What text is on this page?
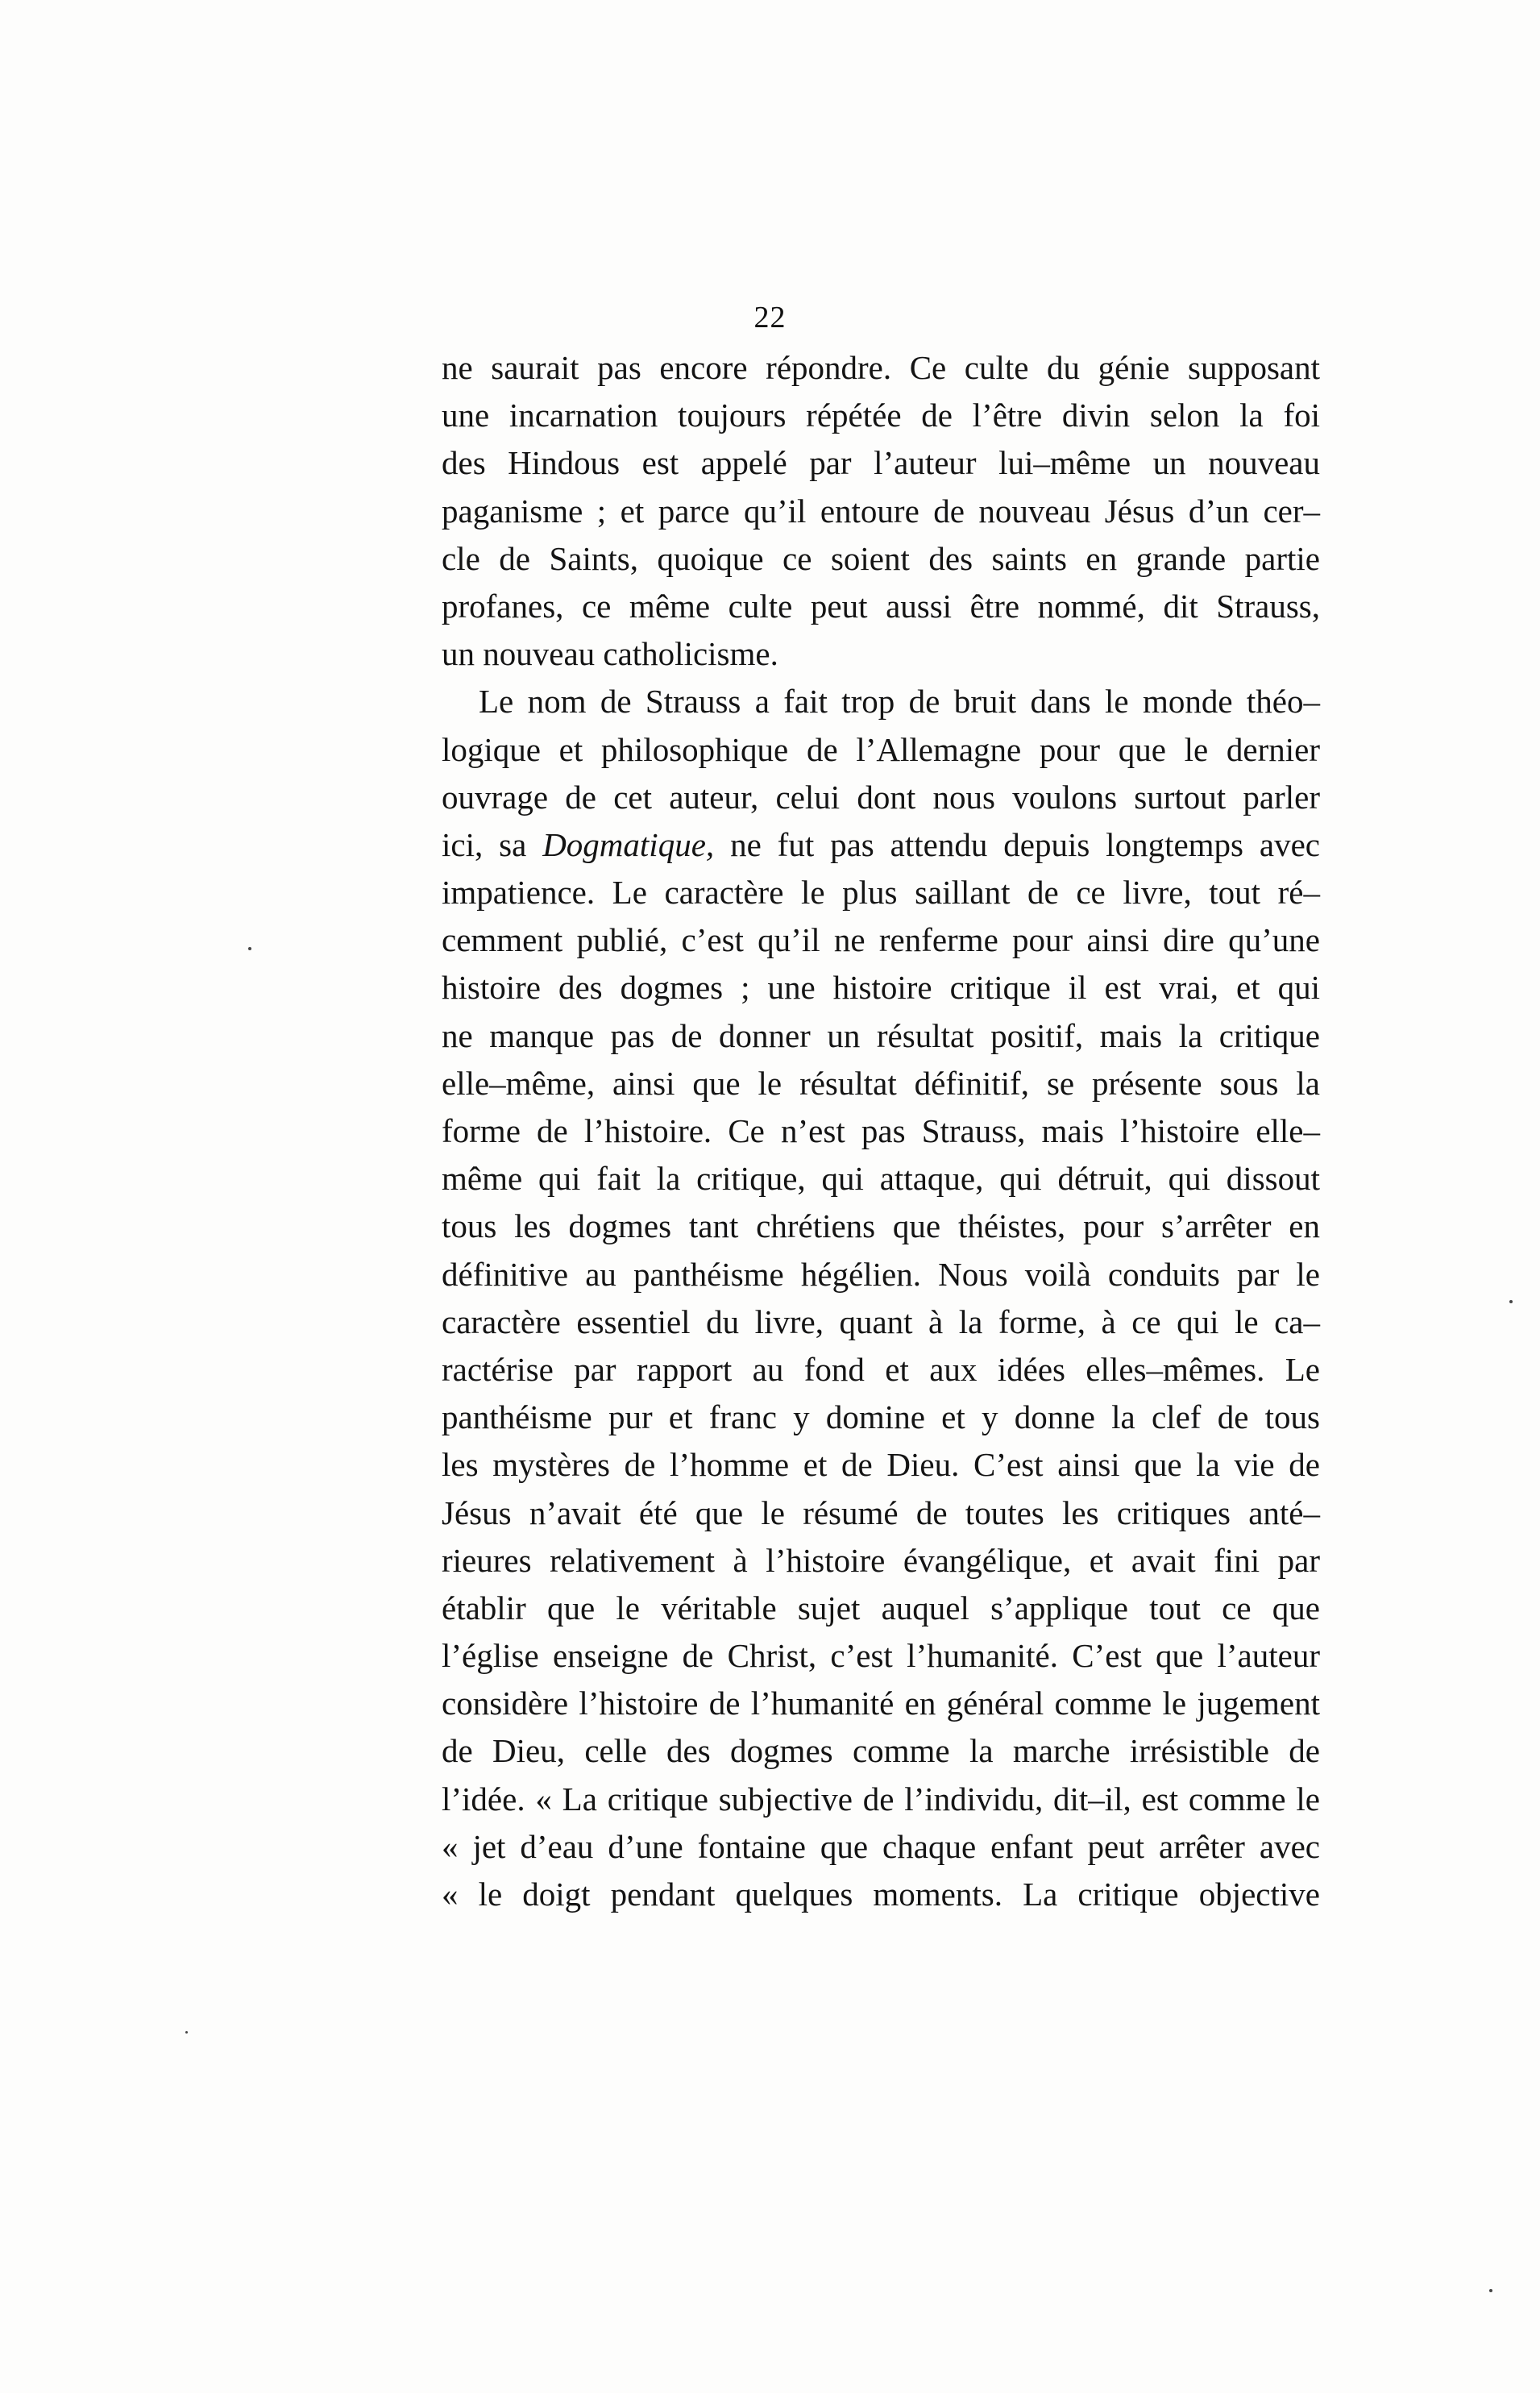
22
ne saurait pas encore répondre. Ce culte du génie supposant
une incarnation toujours répétée de l’être divin selon la foi
des Hindous est appelé par l’auteur lui–même un nouveau
paganisme ; et parce qu’il entoure de nouveau Jésus d’un cer–
cle de Saints, quoique ce soient des saints en grande partie
profanes, ce même culte peut aussi être nommé, dit Strauss,
un nouveau catholicisme.
Le nom de Strauss a fait trop de bruit dans le monde théo–
logique et philosophique de l’Allemagne pour que le dernier
ouvrage de cet auteur, celui dont nous voulons surtout parler
ici, sa Dogmatique, ne fut pas attendu depuis longtemps avec
impatience. Le caractère le plus saillant de ce livre, tout ré–
cemment publié, c’est qu’il ne renferme pour ainsi dire qu’une
histoire des dogmes ; une histoire critique il est vrai, et qui
ne manque pas de donner un résultat positif, mais la critique
elle–même, ainsi que le résultat définitif, se présente sous la
forme de l’histoire. Ce n’est pas Strauss, mais l’histoire elle–
même qui fait la critique, qui attaque, qui détruit, qui dissout
tous les dogmes tant chrétiens que théistes, pour s’arrêter en
définitive au panthéisme hégélien. Nous voilà conduits par le
caractère essentiel du livre, quant à la forme, à ce qui le ca–
ractérise par rapport au fond et aux idées elles–mêmes. Le
panthéisme pur et franc y domine et y donne la clef de tous
les mystères de l’homme et de Dieu. C’est ainsi que la vie de
Jésus n’avait été que le résumé de toutes les critiques anté–
rieures relativement à l’histoire évangélique, et avait fini par
établir que le véritable sujet auquel s’applique tout ce que
l’église enseigne de Christ, c’est l’humanité. C’est que l’auteur
considère l’histoire de l’humanité en général comme le jugement
de Dieu, celle des dogmes comme la marche irrésistible de
l’idée. « La critique subjective de l’individu, dit–il, est comme le
« jet d’eau d’une fontaine que chaque enfant peut arrêter avec
« le doigt pendant quelques moments. La critique objective
